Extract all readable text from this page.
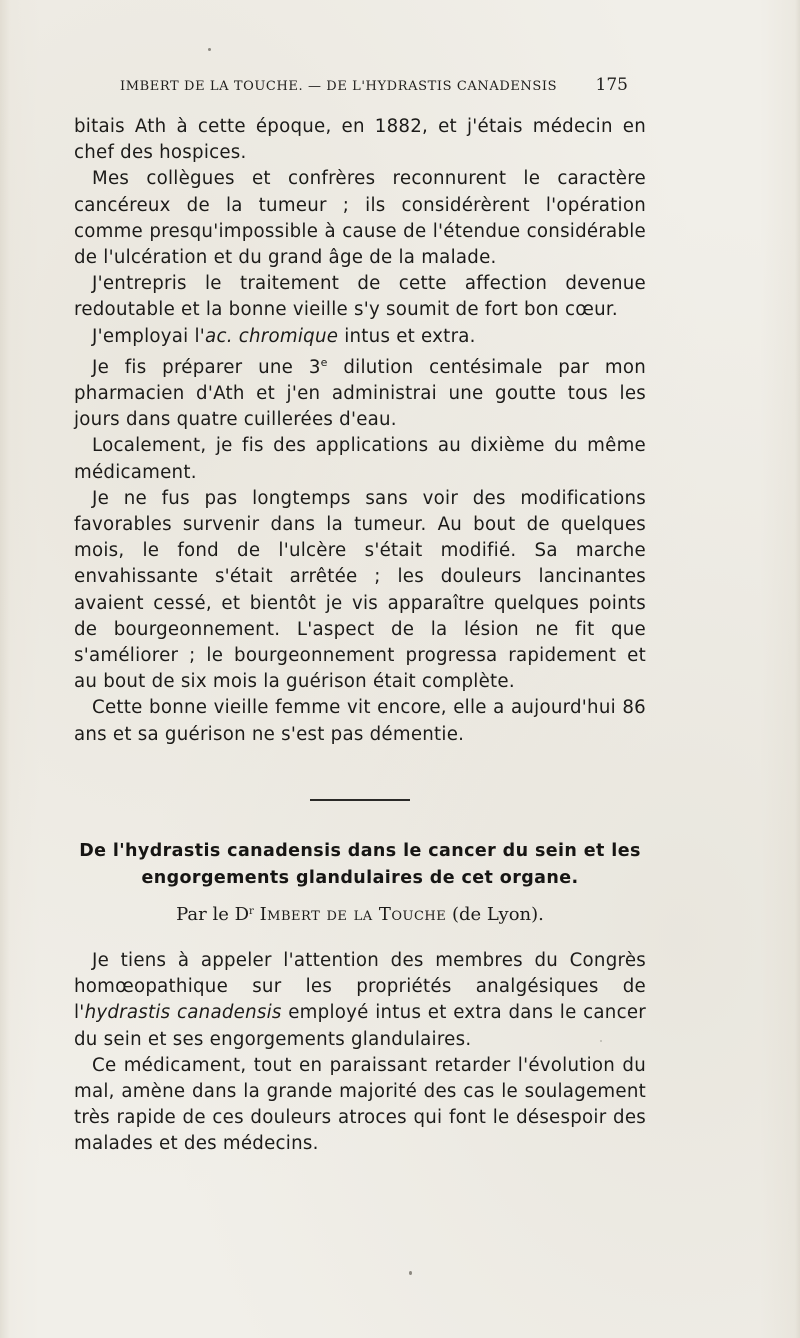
IMBERT DE LA TOUCHE. — DE L'HYDRASTIS CANADENSIS 175

bitais Ath à cette époque, en 1882, et j'étais médecin en chef des hospices.

Mes collègues et confrères reconnurent le caractère cancéreux de la tumeur ; ils considérèrent l'opération comme presqu'impossible à cause de l'étendue considérable de l'ulcération et du grand âge de la malade.

J'entrepris le traitement de cette affection devenue redoutable et la bonne vieille s'y soumit de fort bon cœur.

J'employai l'ac. chromique intus et extra.

Je fis préparer une 3e dilution centésimale par mon pharmacien d'Ath et j'en administrai une goutte tous les jours dans quatre cuillerées d'eau.

Localement, je fis des applications au dixième du même médicament.

Je ne fus pas longtemps sans voir des modifications favorables survenir dans la tumeur. Au bout de quelques mois, le fond de l'ulcère s'était modifié. Sa marche envahissante s'était arrêtée ; les douleurs lancinantes avaient cessé, et bientôt je vis apparaître quelques points de bourgeonnement. L'aspect de la lésion ne fit que s'améliorer ; le bourgeonnement progressa rapidement et au bout de six mois la guérison était complète.

Cette bonne vieille femme vit encore, elle a aujourd'hui 86 ans et sa guérison ne s'est pas démentie.

De l'hydrastis canadensis dans le cancer du sein et les
engorgements glandulaires de cet organe.
Par le $D^r$ Imbert de la Touche (de Lyon).

Je tiens à appeler l'attention des membres du Congrès homœopathique sur les propriétés analgésiques de l'hydrastis canadensis employé intus et extra dans le cancer du sein et ses engorgements glandulaires.

Ce médicament, tout en paraissant retarder l'évolution du mal, amène dans la grande majorité des cas le soulagement très rapide de ces douleurs atroces qui font le désespoir des malades et des médecins.
